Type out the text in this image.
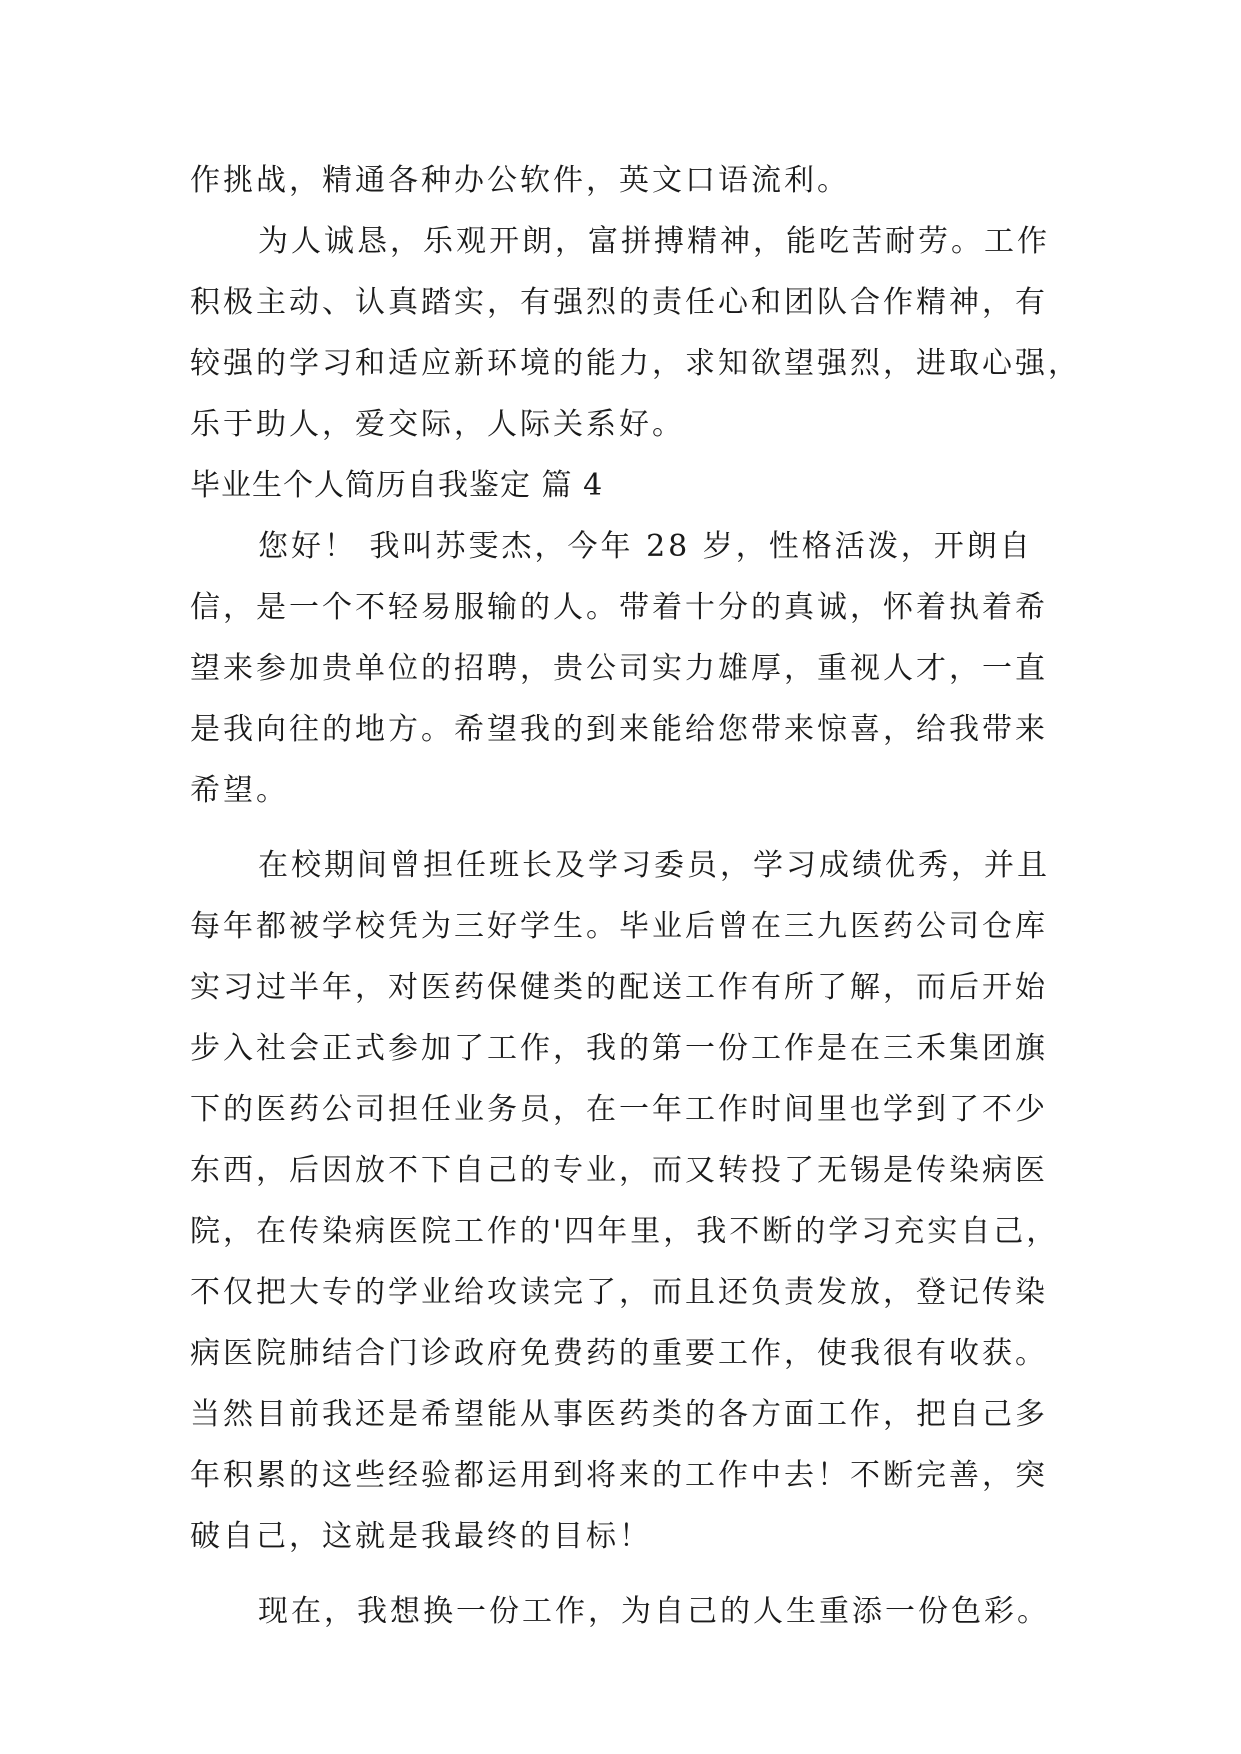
作挑战，精通各种办公软件，英文口语流利。
为人诚恳，乐观开朗，富拼搏精神，能吃苦耐劳。工作
积极主动、认真踏实，有强烈的责任心和团队合作精神，有
较强的学习和适应新环境的能力，求知欲望强烈，进取心强，
乐于助人，爱交际，人际关系好。
毕业生个人简历自我鉴定 篇 4
您好！ 我叫苏雯杰，今年 28 岁，性格活泼，开朗自
信，是一个不轻易服输的人。带着十分的真诚，怀着执着希
望来参加贵单位的招聘，贵公司实力雄厚，重视人才，一直
是我向往的地方。希望我的到来能给您带来惊喜，给我带来
希望。
在校期间曾担任班长及学习委员，学习成绩优秀，并且
每年都被学校凭为三好学生。毕业后曾在三九医药公司仓库
实习过半年，对医药保健类的配送工作有所了解，而后开始
步入社会正式参加了工作，我的第一份工作是在三禾集团旗
下的医药公司担任业务员，在一年工作时间里也学到了不少
东西，后因放不下自己的专业，而又转投了无锡是传染病医
院，在传染病医院工作的'四年里，我不断的学习充实自己，
不仅把大专的学业给攻读完了，而且还负责发放，登记传染
病医院肺结合门诊政府免费药的重要工作，使我很有收获。
当然目前我还是希望能从事医药类的各方面工作，把自己多
年积累的这些经验都运用到将来的工作中去！不断完善，突
破自己，这就是我最终的目标！
现在，我想换一份工作，为自己的人生重添一份色彩。
